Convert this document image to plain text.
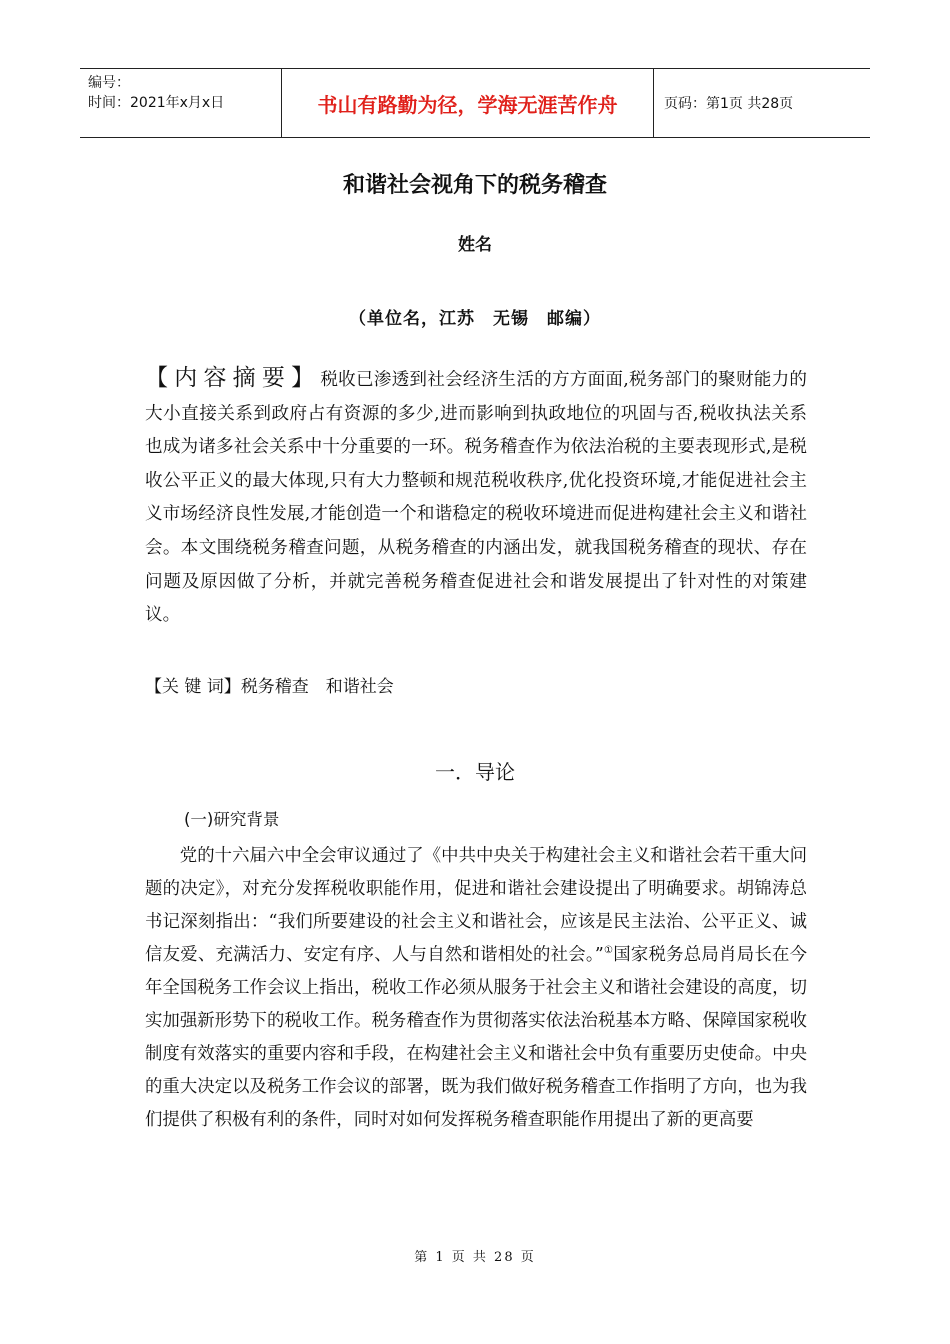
编号：
时间：2021年x月x日	书山有路勤为径，学海无涯苦作舟	页码：第1页 共28页
和谐社会视角下的税务稽查
姓名
（单位名，江苏　无锡　邮编）
【内容摘要】税收已渗透到社会经济生活的方方面面,税务部门的聚财能力的大小直接关系到政府占有资源的多少,进而影响到执政地位的巩固与否,税收执法关系也成为诸多社会关系中十分重要的一环。税务稽查作为依法治税的主要表现形式,是税收公平正义的最大体现,只有大力整顿和规范税收秩序,优化投资环境,才能促进社会主义市场经济良性发展,才能创造一个和谐稳定的税收环境进而促进构建社会主义和谐社会。本文围绕税务稽查问题，从税务稽查的内涵出发，就我国税务稽查的现状、存在问题及原因做了分析，并就完善税务稽查促进社会和谐发展提出了针对性的对策建议。
【关 键 词】税务稽查　和谐社会
一．导论
(一)研究背景
党的十六届六中全会审议通过了《中共中央关于构建社会主义和谐社会若干重大问题的决定》，对充分发挥税收职能作用，促进和谐社会建设提出了明确要求。胡锦涛总书记深刻指出：“我们所要建设的社会主义和谐社会，应该是民主法治、公平正义、诚信友爱、充满活力、安定有序、人与自然和谐相处的社会。”①国家税务总局肖局长在今年全国税务工作会议上指出，税收工作必须从服务于社会主义和谐社会建设的高度，切实加强新形势下的税收工作。税务稽查作为贯彻落实依法治税基本方略、保障国家税收制度有效落实的重要内容和手段，在构建社会主义和谐社会中负有重要历史使命。中央的重大决定以及税务工作会议的部署，既为我们做好税务稽查工作指明了方向，也为我们提供了积极有利的条件，同时对如何发挥税务稽查职能作用提出了新的更高要
第 1 页 共 28 页
